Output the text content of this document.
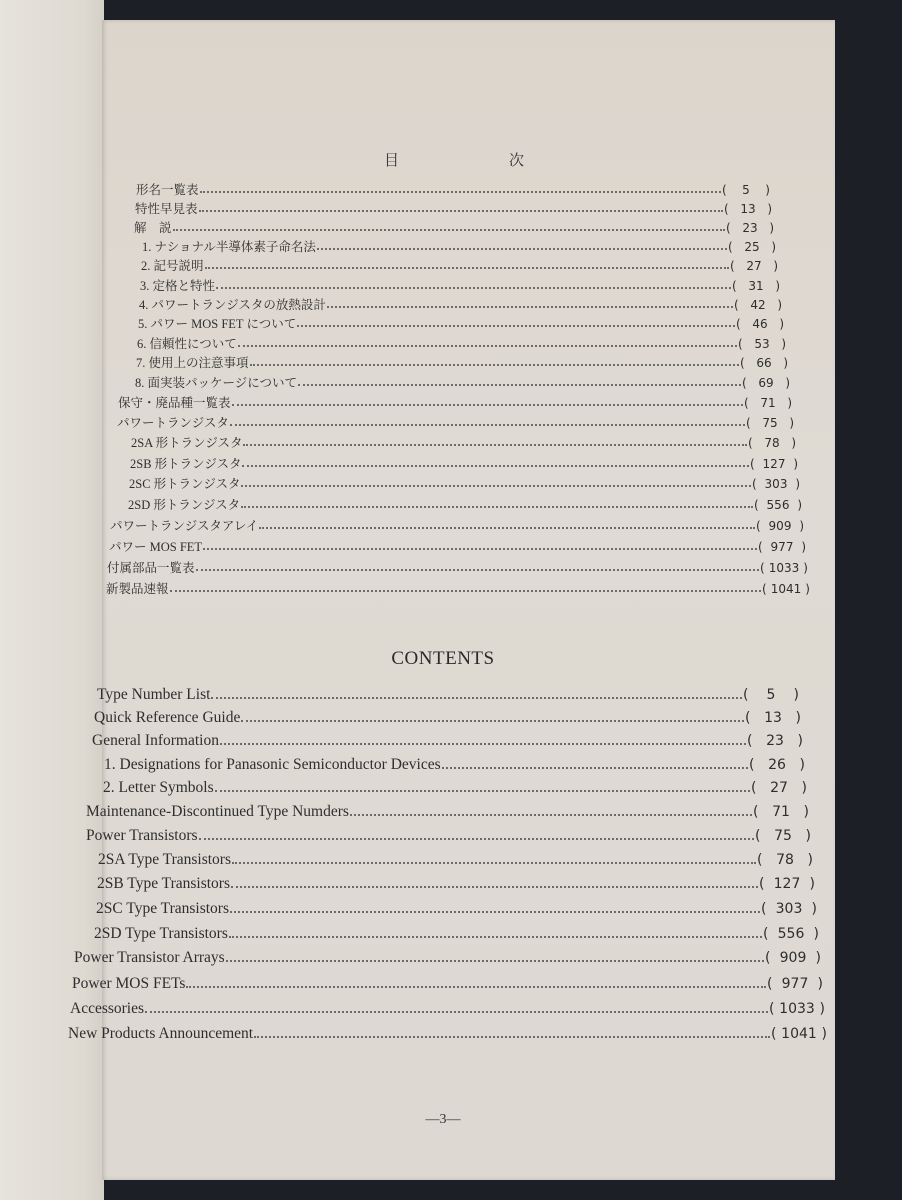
目	次
形名一覧表	( 5 )
特性早見表	( 13 )
解　説	( 23 )
1. ナショナル半導体素子命名法	( 25 )
2. 記号説明	( 27 )
3. 定格と特性	( 31 )
4. パワートランジスタの放熱設計	( 42 )
5. パワー MOS FET について	( 46 )
6. 信頼性について	( 53 )
7. 使用上の注意事項	( 66 )
8. 面実装パッケージについて	( 69 )
保守・廃品種一覧表	( 71 )
パワートランジスタ	( 75 )
2SA 形トランジスタ	( 78 )
2SB 形トランジスタ	( 127 )
2SC 形トランジスタ	( 303 )
2SD 形トランジスタ	( 556 )
パワートランジスタアレイ	( 909 )
パワー MOS FET	( 977 )
付属部品一覧表	( 1033 )
新製品速報	( 1041 )
CONTENTS
Type Number List	( 5 )
Quick Reference Guide	( 13 )
General Information	( 23 )
1. Designations for Panasonic Semiconductor Devices	( 26 )
2. Letter Symbols	( 27 )
Maintenance-Discontinued Type Numders	( 71 )
Power Transistors	( 75 )
2SA Type Transistors	( 78 )
2SB Type Transistors	( 127 )
2SC Type Transistors	( 303 )
2SD Type Transistors	( 556 )
Power Transistor Arrays	( 909 )
Power MOS FETs	( 977 )
Accessories	( 1033 )
New Products Announcement	( 1041 )
—3—
